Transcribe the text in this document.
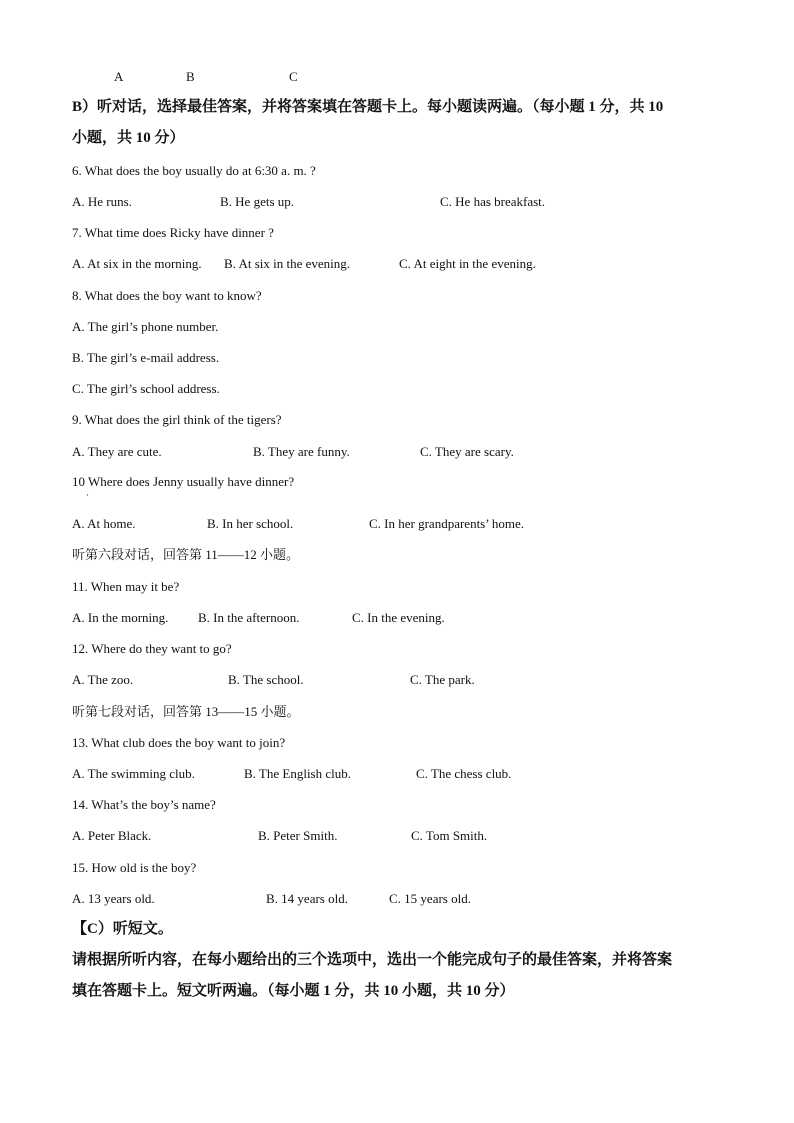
A	B	C
B）听对话，选择最佳答案，并将答案填在答题卡上。每小题读两遍。（每小题 1 分，共 10
小题，共 10 分）
6. What does the boy usually do at 6:30 a. m. ?
A. He runs.	B. He gets up.	C. He has breakfast.
7. What time does Ricky have dinner ?
A. At six in the morning. B. At six in the evening.	C. At eight in the evening.
8. What does the boy want to know?
A. The girl’s phone number.
B. The girl’s e-mail address.
C. The girl’s school address.
9. What does the girl think of the tigers?
A. They are cute.	B. They are funny.	C. They are scary.
10 Where does Jenny usually have dinner?
·
A. At home.	B. In her school.	C. In her grandparents’ home.
听第六段对话，回答第 11——12 小题。
11. When may it be?
A. In the morning. B. In the afternoon.	C. In the evening.
12. Where do they want to go?
A. The zoo.	B. The school.	C. The park.
听第七段对话，回答第 13——15 小题。
13. What club does the boy want to join?
A. The swimming club.	B. The English club.	C. The chess club.
14. What’s the boy’s name?
A. Peter Black.	B. Peter Smith.	C. Tom Smith.
15. How old is the boy?
A. 13 years old.	B. 14 years old.	C. 15 years old.
【C）听短文。
请根据所听内容，在每小题给出的三个选项中，选出一个能完成句子的最佳答案，并将答案
填在答题卡上。短文听两遍。（每小题 1 分，共 10 小题，共 10 分）
